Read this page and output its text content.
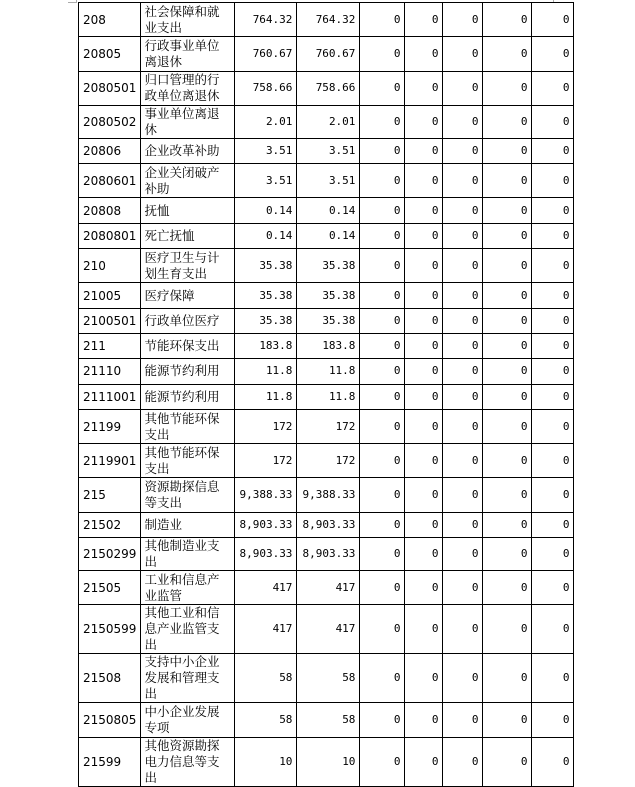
208	社会保障和就业支出	764.32	764.32	0	0	0	0	0
20805	行政事业单位离退休	760.67	760.67	0	0	0	0	0
2080501	归口管理的行政单位离退休	758.66	758.66	0	0	0	0	0
2080502	事业单位离退休	2.01	2.01	0	0	0	0	0
20806	企业改革补助	3.51	3.51	0	0	0	0	0
2080601	企业关闭破产补助	3.51	3.51	0	0	0	0	0
20808	抚恤	0.14	0.14	0	0	0	0	0
2080801	死亡抚恤	0.14	0.14	0	0	0	0	0
210	医疗卫生与计划生育支出	35.38	35.38	0	0	0	0	0
21005	医疗保障	35.38	35.38	0	0	0	0	0
2100501	行政单位医疗	35.38	35.38	0	0	0	0	0
211	节能环保支出	183.8	183.8	0	0	0	0	0
21110	能源节约利用	11.8	11.8	0	0	0	0	0
2111001	能源节约利用	11.8	11.8	0	0	0	0	0
21199	其他节能环保支出	172	172	0	0	0	0	0
2119901	其他节能环保支出	172	172	0	0	0	0	0
215	资源勘探信息等支出	9,388.33	9,388.33	0	0	0	0	0
21502	制造业	8,903.33	8,903.33	0	0	0	0	0
2150299	其他制造业支出	8,903.33	8,903.33	0	0	0	0	0
21505	工业和信息产业监管	417	417	0	0	0	0	0
2150599	其他工业和信息产业监管支出	417	417	0	0	0	0	0
21508	支持中小企业发展和管理支出	58	58	0	0	0	0	0
2150805	中小企业发展专项	58	58	0	0	0	0	0
21599	其他资源勘探电力信息等支出	10	10	0	0	0	0	0
